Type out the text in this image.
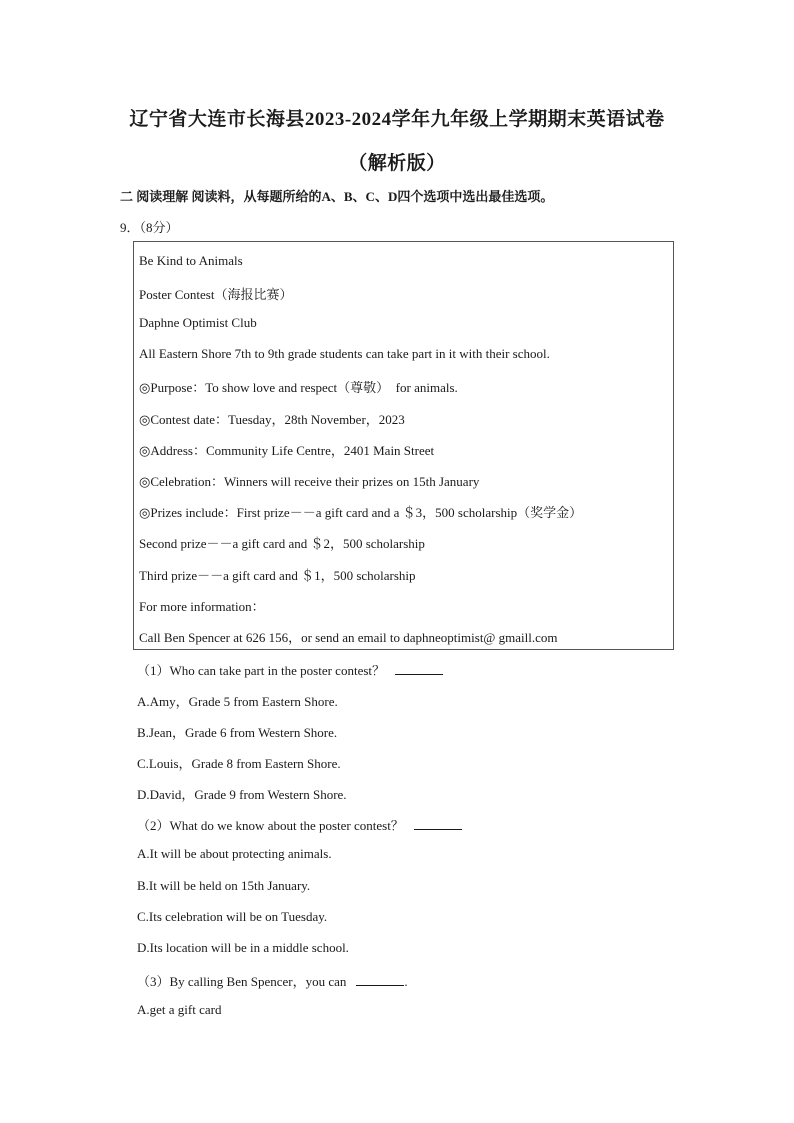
辽宁省大连市长海县2023-2024学年九年级上学期期末英语试卷
（解析版）
二 阅读理解 阅读料，从每题所给的A、B、C、D四个选项中选出最佳选项。
9．（8分）
Be Kind to Animals
Poster Contest（海报比赛）
Daphne Optimist Club
All Eastern Shore 7th to 9th grade students can take part in it with their school.
◎Purpose：To show love and respect（尊敬）　for animals.
◎Contest date：Tuesday，28th November，2023
◎Address：Community Life Centre，2401 Main Street
◎Celebration：Winners will receive their prizes on 15th January
◎Prizes include：First prize－－a gift card and a ＄3，500 scholarship（奖学金）
Second prize－－a gift card and ＄2，500 scholarship
Third prize－－a gift card and ＄1，500 scholarship
For more information：
Call Ben Spencer at 626 156，or send an email to daphneoptimist@ gmaill.com
（1）Who can take part in the poster contest？
A.Amy，Grade 5 from Eastern Shore.
B.Jean，Grade 6 from Western Shore.
C.Louis，Grade 8 from Eastern Shore.
D.David，Grade 9 from Western Shore.
（2）What do we know about the poster contest？
A.It will be about protecting animals.
B.It will be held on 15th January.
C.Its celebration will be on Tuesday.
D.Its location will be in a middle school.
（3）By calling Ben Spencer，you can	.
A.get a gift card
